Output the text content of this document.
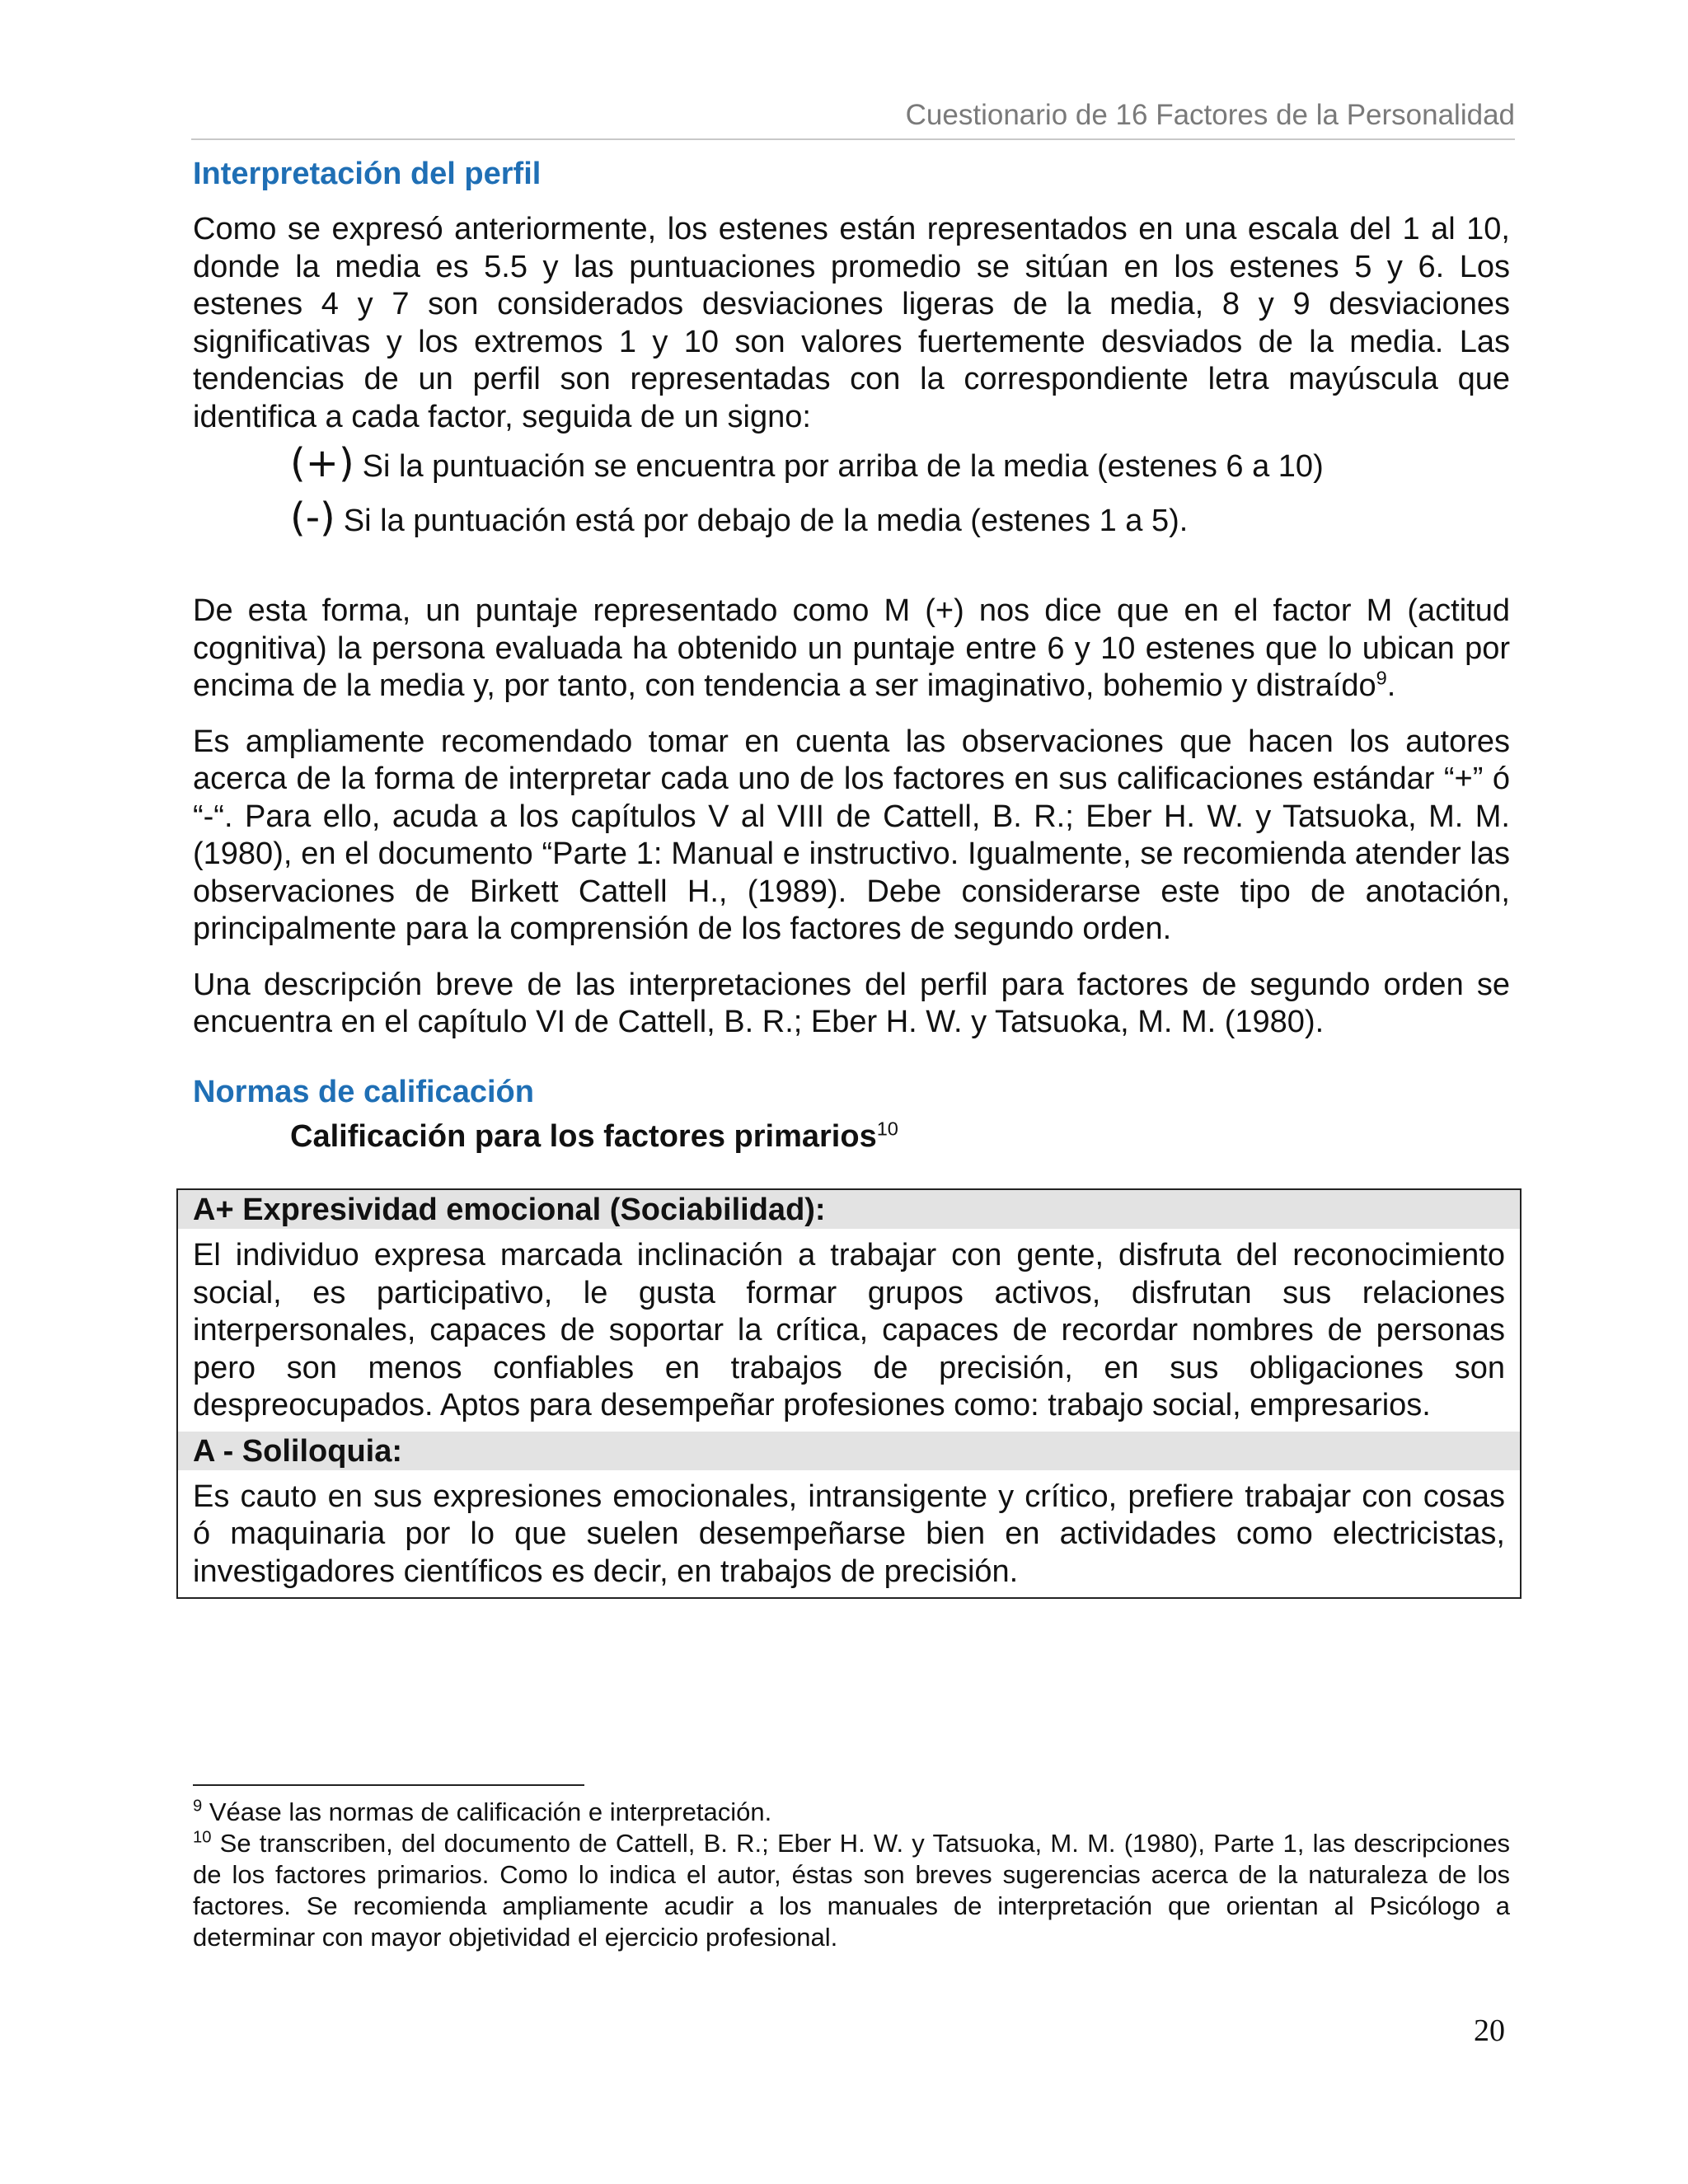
Cuestionario de 16 Factores de la Personalidad
Interpretación del perfil

Como se expresó anteriormente, los estenes están representados en una escala del 1 al 10, donde la media es 5.5 y las puntuaciones promedio se sitúan en los estenes 5 y 6. Los estenes 4 y 7 son considerados desviaciones ligeras de la media, 8 y 9 desviaciones significativas y los extremos 1 y 10 son valores fuertemente desviados de la media. Las tendencias de un perfil son representadas con la correspondiente letra mayúscula que identifica a cada factor, seguida de un signo:

(+) Si la puntuación se encuentra por arriba de la media (estenes 6 a 10)
(-) Si la puntuación está por debajo de la media (estenes 1 a 5).

De esta forma, un puntaje representado como M (+) nos dice que en el factor M (actitud cognitiva) la persona evaluada ha obtenido un puntaje entre 6 y 10 estenes que lo ubican por encima de la media y, por tanto, con tendencia a ser imaginativo, bohemio y distraído$^9$.

Es ampliamente recomendado tomar en cuenta las observaciones que hacen los autores acerca de la forma de interpretar cada uno de los factores en sus calificaciones estándar “+” ó “-“. Para ello, acuda a los capítulos V al VIII de Cattell, B. R.; Eber H. W. y Tatsuoka, M. M. (1980), en el documento “Parte 1: Manual e instructivo. Igualmente, se recomienda atender las observaciones de Birkett Cattell H., (1989). Debe considerarse este tipo de anotación, principalmente para la comprensión de los factores de segundo orden.

Una descripción breve de las interpretaciones del perfil para factores de segundo orden se encuentra en el capítulo VI de Cattell, B. R.; Eber H. W. y Tatsuoka, M. M. (1980).

Normas de calificación
Calificación para los factores primarios$^{10}$
A+ Expresividad emocional (Sociabilidad):
El individuo expresa marcada inclinación a trabajar con gente, disfruta del reconocimiento social, es participativo, le gusta formar grupos activos, disfrutan sus relaciones interpersonales, capaces de soportar la crítica, capaces de recordar nombres de personas pero son menos confiables en trabajos de precisión, en sus obligaciones son despreocupados. Aptos para desempeñar profesiones como: trabajo social, empresarios.
A - Soliloquia:
Es cauto en sus expresiones emocionales, intransigente y crítico, prefiere trabajar con cosas ó maquinaria por lo que suelen desempeñarse bien en actividades como electricistas, investigadores científicos es decir, en trabajos de precisión.

$^9$ Véase las normas de calificación e interpretación.

$^{10}$ Se transcriben, del documento de Cattell, B. R.; Eber H. W. y Tatsuoka, M. M. (1980), Parte 1, las descripciones de los factores primarios. Como lo indica el autor, éstas son breves sugerencias acerca de la naturaleza de los factores. Se recomienda ampliamente acudir a los manuales de interpretación que orientan al Psicólogo a determinar con mayor objetividad el ejercicio profesional.

20
